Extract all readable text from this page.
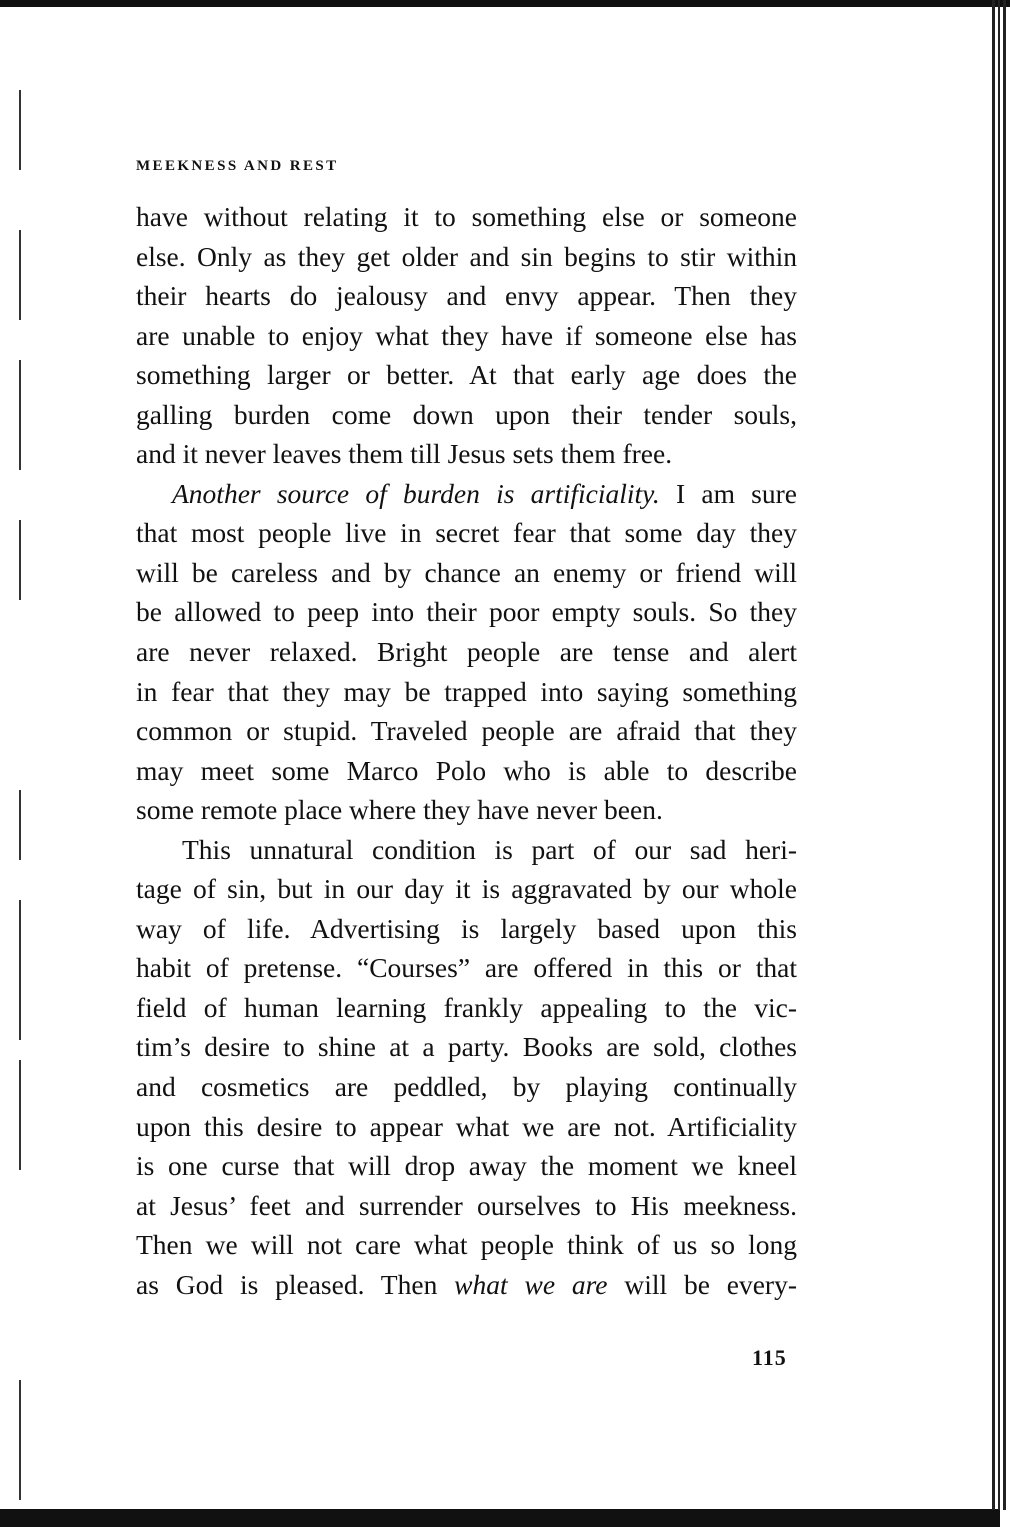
MEEKNESS AND REST
have without relating it to something else or someone
else. Only as they get older and sin begins to stir within
their hearts do jealousy and envy appear. Then they
are unable to enjoy what they have if someone else has
something larger or better. At that early age does the
galling burden come down upon their tender souls,
and it never leaves them till Jesus sets them free.
Another source of burden is artificiality. I am sure
that most people live in secret fear that some day they
will be careless and by chance an enemy or friend will
be allowed to peep into their poor empty souls. So they
are never relaxed. Bright people are tense and alert
in fear that they may be trapped into saying something
common or stupid. Traveled people are afraid that they
may meet some Marco Polo who is able to describe
some remote place where they have never been.
This unnatural condition is part of our sad heri-
tage of sin, but in our day it is aggravated by our whole
way of life. Advertising is largely based upon this
habit of pretense. “Courses” are offered in this or that
field of human learning frankly appealing to the vic-
tim’s desire to shine at a party. Books are sold, clothes
and cosmetics are peddled, by playing continually
upon this desire to appear what we are not. Artificiality
is one curse that will drop away the moment we kneel
at Jesus’ feet and surrender ourselves to His meekness.
Then we will not care what people think of us so long
as God is pleased. Then what we are will be every-
115
